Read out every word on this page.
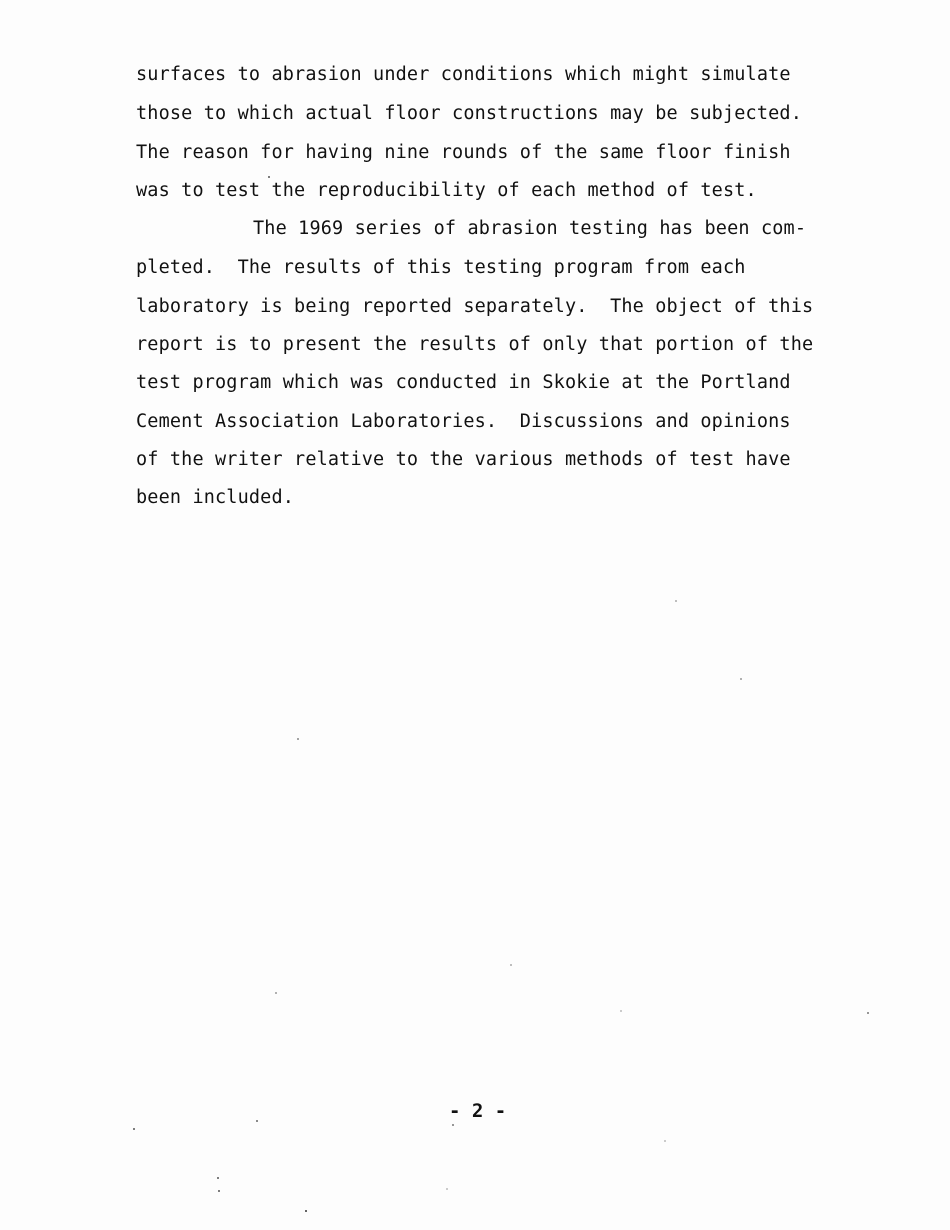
surfaces to abrasion under conditions which might simulate
those to which actual floor constructions may be subjected.
The reason for having nine rounds of the same floor finish
was to test the reproducibility of each method of test.
The 1969 series of abrasion testing has been com-
pleted.  The results of this testing program from each
laboratory is being reported separately.  The object of this
report is to present the results of only that portion of the
test program which was conducted in Skokie at the Portland
Cement Association Laboratories.  Discussions and opinions
of the writer relative to the various methods of test have
been included.
- 2 -
